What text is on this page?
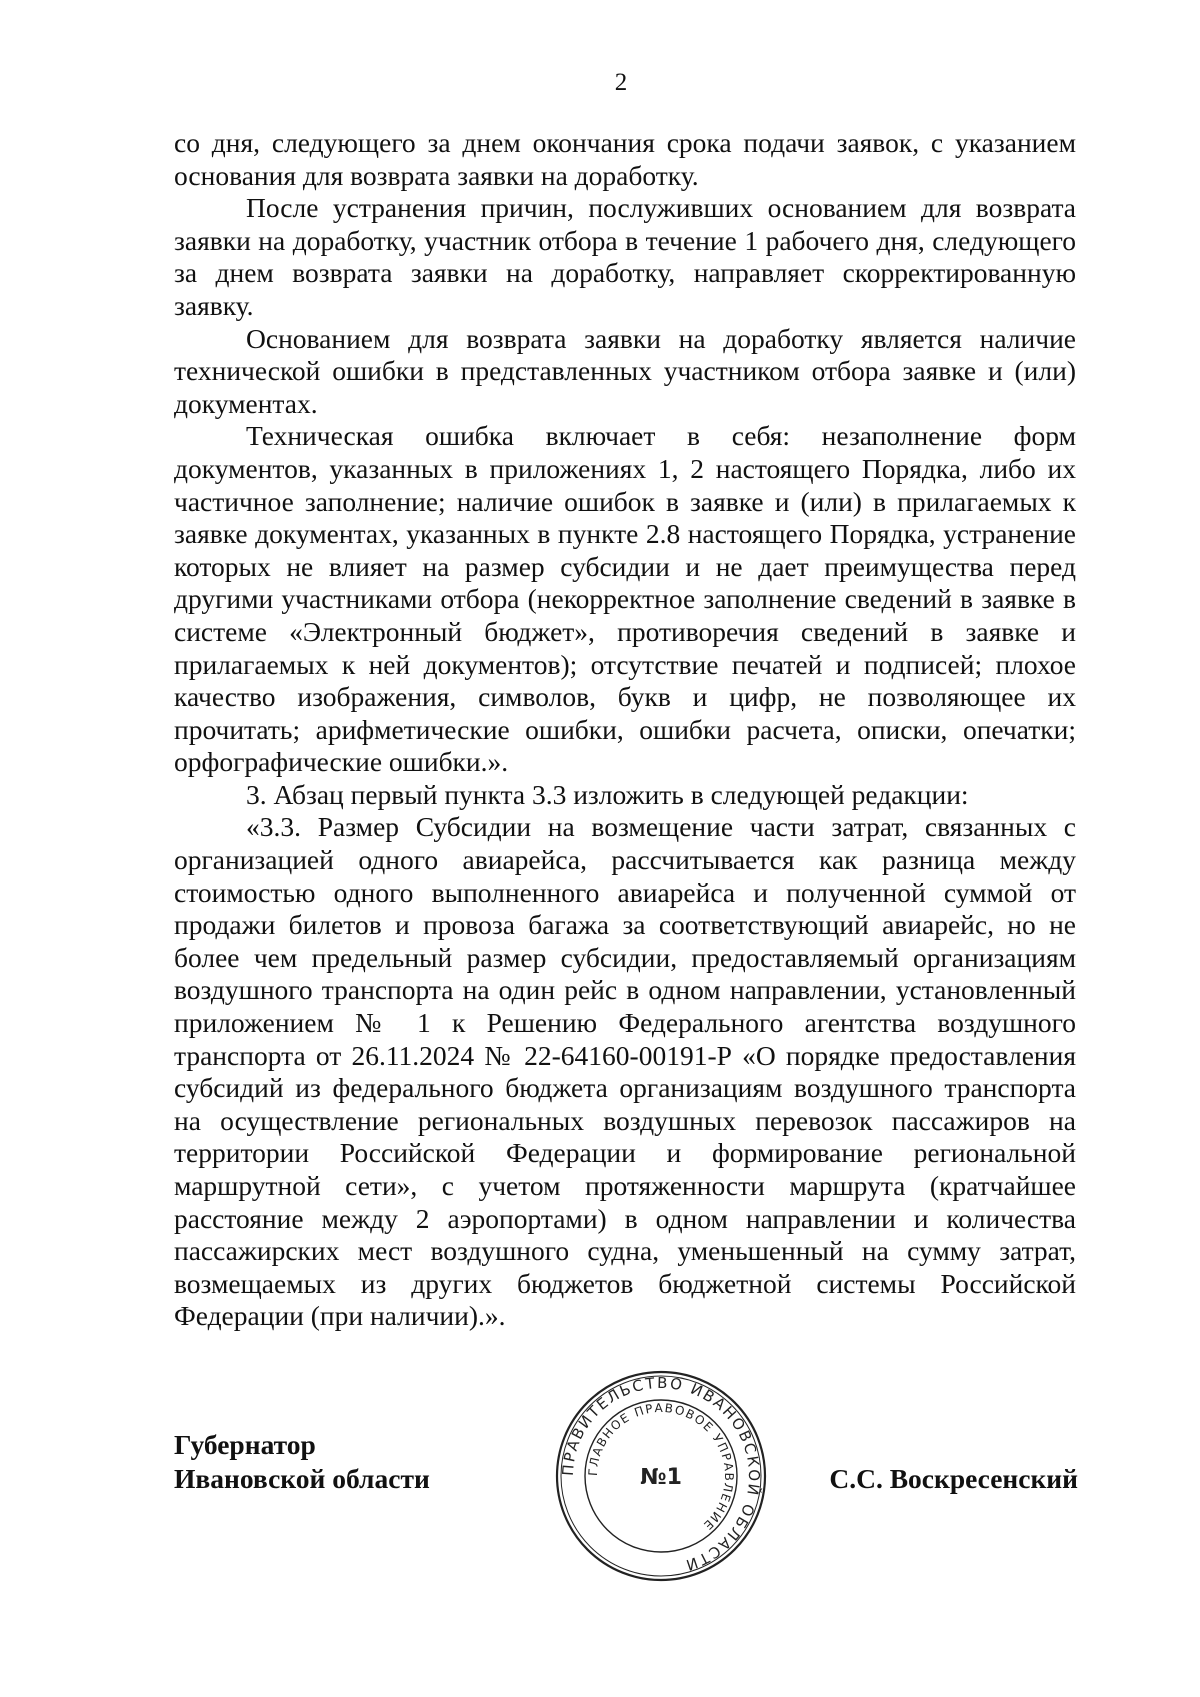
2

со дня, следующего за днем окончания срока подачи заявок, с указанием основания для возврата заявки на доработку.

После устранения причин, послуживших основанием для возврата заявки на доработку, участник отбора в течение 1 рабочего дня, следующего за днем возврата заявки на доработку, направляет скорректированную заявку.

Основанием для возврата заявки на доработку является наличие технической ошибки в представленных участником отбора заявке и (или) документах.

Техническая ошибка включает в себя: незаполнение форм документов, указанных в приложениях 1, 2 настоящего Порядка, либо их частичное заполнение; наличие ошибок в заявке и (или) в прилагаемых к заявке документах, указанных в пункте 2.8 настоящего Порядка, устранение которых не влияет на размер субсидии и не дает преимущества перед другими участниками отбора (некорректное заполнение сведений в заявке в системе «Электронный бюджет», противоречия сведений в заявке и прилагаемых к ней документов); отсутствие печатей и подписей; плохое качество изображения, символов, букв и цифр, не позволяющее их прочитать; арифметические ошибки, ошибки расчета, описки, опечатки; орфографические ошибки.».

3. Абзац первый пункта 3.3 изложить в следующей редакции:

«3.3. Размер Субсидии на возмещение части затрат, связанных с организацией одного авиарейса, рассчитывается как разница между стоимостью одного выполненного авиарейса и полученной суммой от продажи билетов и провоза багажа за соответствующий авиарейс, но не более чем предельный размер субсидии, предоставляемый организациям воздушного транспорта на один рейс в одном направлении, установленный приложением № 1 к Решению Федерального агентства воздушного транспорта от 26.11.2024 № 22-64160-00191-Р «О порядке предоставления субсидий из федерального бюджета организациям воздушного транспорта на осуществление региональных воздушных перевозок пассажиров на территории Российской Федерации и формирование региональной маршрутной сети», с учетом протяженности маршрута (кратчайшее расстояние между 2 аэропортами) в одном направлении и количества пассажирских мест воздушного судна, уменьшенный на сумму затрат, возмещаемых из других бюджетов бюджетной системы Российской Федерации (при наличии).».

Губернатор
Ивановской области	ПРАВИТЕЛЬСТВО ИВАНОВСКОЙ ОБЛАСТИ
ГЛАВНОЕ ПРАВОВОЕ УПРАВЛЕНИЕ
№1	С.С. Воскресенский
